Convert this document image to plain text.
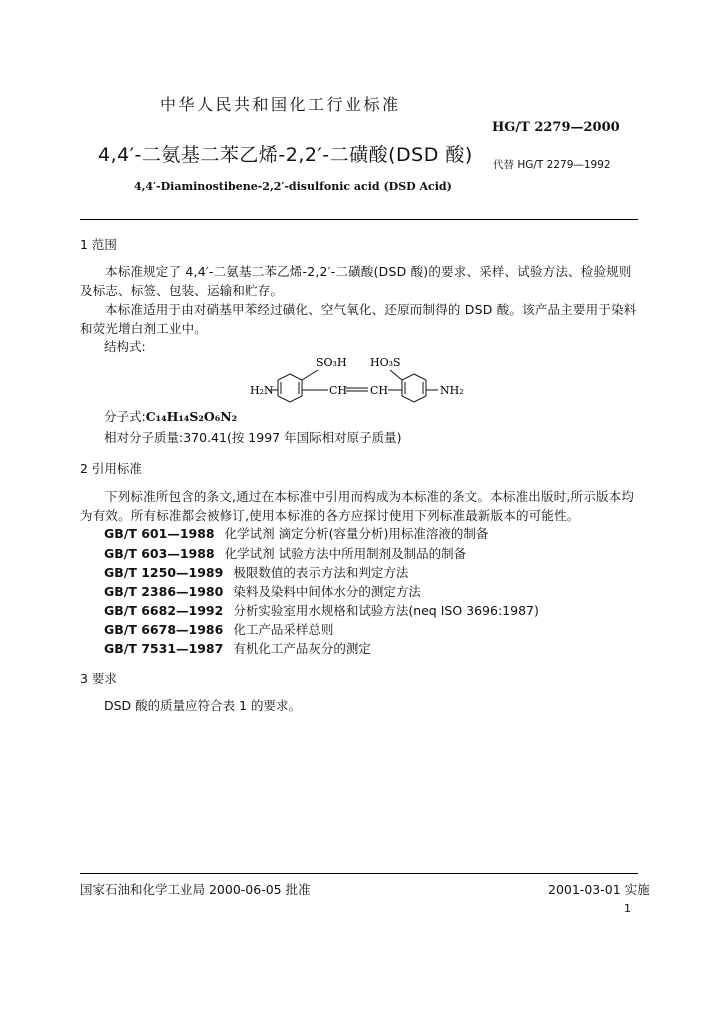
中华人民共和国化工行业标准
HG/T 2279—2000
4,4′-二氨基二苯乙烯-2,2′-二磺酸(DSD 酸) 代替 HG/T 2279—1992
4,4′-Diaminostibene-2,2′-disulfonic acid (DSD Acid)
1 范围
本标准规定了 4,4′-二氨基二苯乙烯-2,2′-二磺酸(DSD 酸)的要求、采样、试验方法、检验规则及标志、标签、包装、运输和贮存。
本标准适用于由对硝基甲苯经过磺化、空气氧化、还原而制得的 DSD 酸。该产品主要用于染料和荧光增白剂工业中。
结构式:
SO₃H HO₃S
H₂N	NH₂
CH CH
分子式:C₁₄H₁₄S₂O₆N₂
相对分子质量:370.41(按 1997 年国际相对原子质量)
2 引用标准
下列标准所包含的条文,通过在本标准中引用而构成为本标准的条文。本标准出版时,所示版本均为有效。所有标准都会被修订,使用本标准的各方应探讨使用下列标准最新版本的可能性。
GB/T 601—1988 化学试剂 滴定分析(容量分析)用标准溶液的制备
GB/T 603—1988 化学试剂 试验方法中所用制剂及制品的制备
GB/T 1250—1989 极限数值的表示方法和判定方法
GB/T 2386—1980 染料及染料中间体水分的测定方法
GB/T 6682—1992 分析实验室用水规格和试验方法(neq ISO 3696:1987)
GB/T 6678—1986 化工产品采样总则
GB/T 7531—1987 有机化工产品灰分的测定
3 要求
DSD 酸的质量应符合表 1 的要求。
国家石油和化学工业局 2000-06-05 批准	2001-03-01 实施
1
